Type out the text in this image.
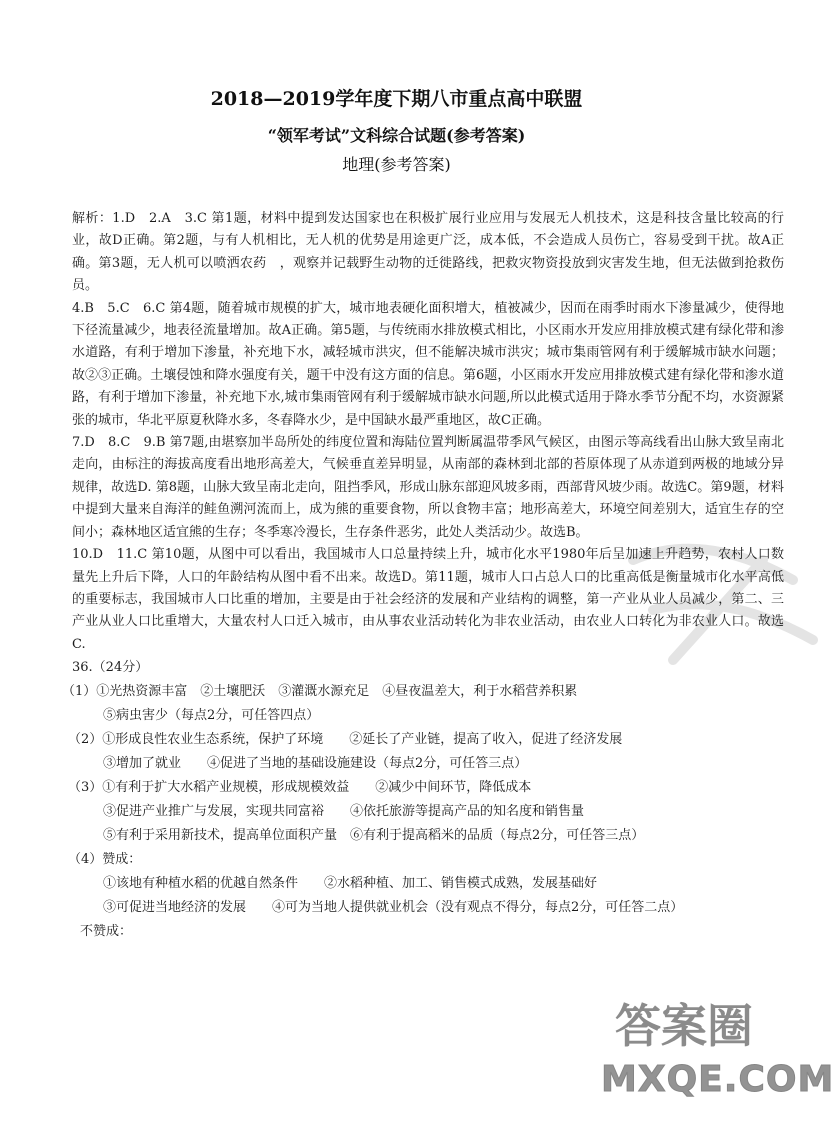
2018—2019学年度下期八市重点高中联盟
“领军考试”文科综合试题(参考答案)
地理(参考答案)

解析：1.D　2.A　3.C 第1题，材料中提到发达国家也在积极扩展行业应用与发展无人机技术，这是科技含量比较高的行业，故D正确。第2题，与有人机相比，无人机的优势是用途更广泛，成本低，不会造成人员伤亡，容易受到干扰。故A正确。第3题，无人机可以喷洒农药　，观察并记载野生动物的迁徙路线，把救灾物资投放到灾害发生地，但无法做到抢救伤员。

4.B　5.C　6.C 第4题，随着城市规模的扩大，城市地表硬化面积增大，植被减少，因而在雨季时雨水下渗量减少，使得地下径流量减少，地表径流量增加。故A正确。第5题，与传统雨水排放模式相比，小区雨水开发应用排放模式建有绿化带和渗水道路，有利于增加下渗量，补充地下水，减轻城市洪灾，但不能解决城市洪灾；城市集雨管网有利于缓解城市缺水问题；故②③正确。土壤侵蚀和降水强度有关，题干中没有这方面的信息。第6题，小区雨水开发应用排放模式建有绿化带和渗水道路，有利于增加下渗量，补充地下水,城市集雨管网有利于缓解城市缺水问题,所以此模式适用于降水季节分配不均，水资源紧张的城市，华北平原夏秋降水多，冬春降水少，是中国缺水最严重地区，故C正确。

7.D　8.C　9.B 第7题,由堪察加半岛所处的纬度位置和海陆位置判断属温带季风气候区，由图示等高线看出山脉大致呈南北走向，由标注的海拔高度看出地形高差大，气候垂直差异明显，从南部的森林到北部的苔原体现了从赤道到两极的地域分异规律，故选D. 第8题，山脉大致呈南北走向，阻挡季风，形成山脉东部迎风坡多雨，西部背风坡少雨。故选C。第9题，材料中提到大量来自海洋的鲑鱼溯河流而上，成为熊的重要食物，所以食物丰富；地形高差大，环境空间差别大，适宜生存的空间小；森林地区适宜熊的生存；冬季寒冷漫长，生存条件恶劣，此处人类活动少。故选B。

10.D　11.C 第10题，从图中可以看出，我国城市人口总量持续上升，城市化水平1980年后呈加速上升趋势，农村人口数量先上升后下降，人口的年龄结构从图中看不出来。故选D。第11题，城市人口占总人口的比重高低是衡量城市化水平高低的重要标志，我国城市人口比重的增加，主要是由于社会经济的发展和产业结构的调整，第一产业从业人员减少，第二、三产业从业人口比重增大，大量农村人口迁入城市，由从事农业活动转化为非农业活动，由农业人口转化为非农业人口。故选C.

36.（24分）

（1）①光热资源丰富　②土壤肥沃　③灌溉水源充足　④昼夜温差大，利于水稻营养积累

⑤病虫害少（每点2分，可任答四点）

（2）①形成良性农业生态系统，保护了环境　　②延长了产业链，提高了收入，促进了经济发展

③增加了就业　　④促进了当地的基础设施建设（每点2分，可任答三点）

（3）①有利于扩大水稻产业规模，形成规模效益　　②减少中间环节，降低成本

③促进产业推广与发展，实现共同富裕　　④依托旅游等提高产品的知名度和销售量

⑤有利于采用新技术，提高单位面积产量　⑥有利于提高稻米的品质（每点2分，可任答三点）

（4）赞成：

①该地有种植水稻的优越自然条件　　②水稻种植、加工、销售模式成熟，发展基础好

③可促进当地经济的发展　　④可为当地人提供就业机会（没有观点不得分，每点2分，可任答二点）

不赞成：

答案圈
MXQE.COM
